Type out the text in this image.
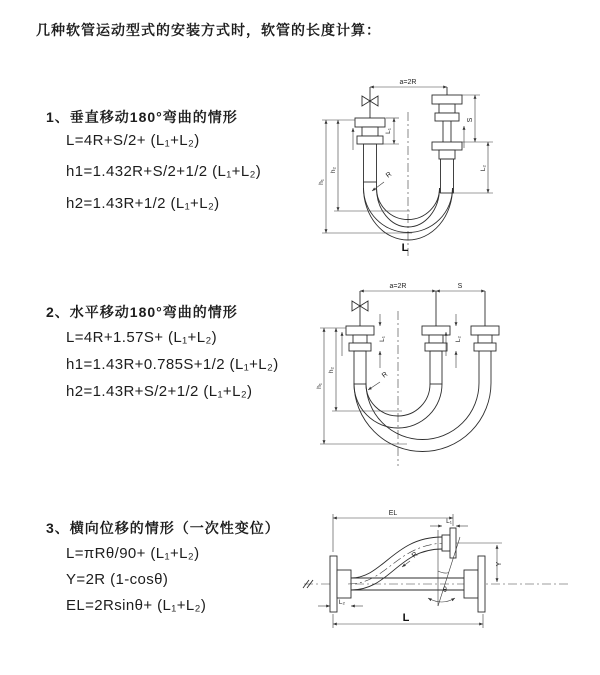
几种软管运动型式的安装方式时，软管的长度计算：
1、垂直移动180°弯曲的情形
L=4R+S/2+ (L₁+L₂)
h1=1.432R+S/2+1/2 (L₁+L₂)
h2=1.43R+1/2 (L₁+L₂)
2、水平移动180°弯曲的情形
L=4R+1.57S+ (L₁+L₂)
h1=1.43R+0.785S+1/2 (L₁+L₂)
h2=1.43R+S/2+1/2 (L₁+L₂)
3、横向位移的情形（一次性变位）
L=πRθ/90+ (L₁+L₂)
Y=2R (1-cosθ)
EL=2Rsinθ+ (L₁+L₂)
a=2R
S
L₂
L₁
h₂
h₁
R
L
a=2R	S
L₁	L₂
h₂
h₁
R
θ
EL
L₁
Y
R
L₂
L
